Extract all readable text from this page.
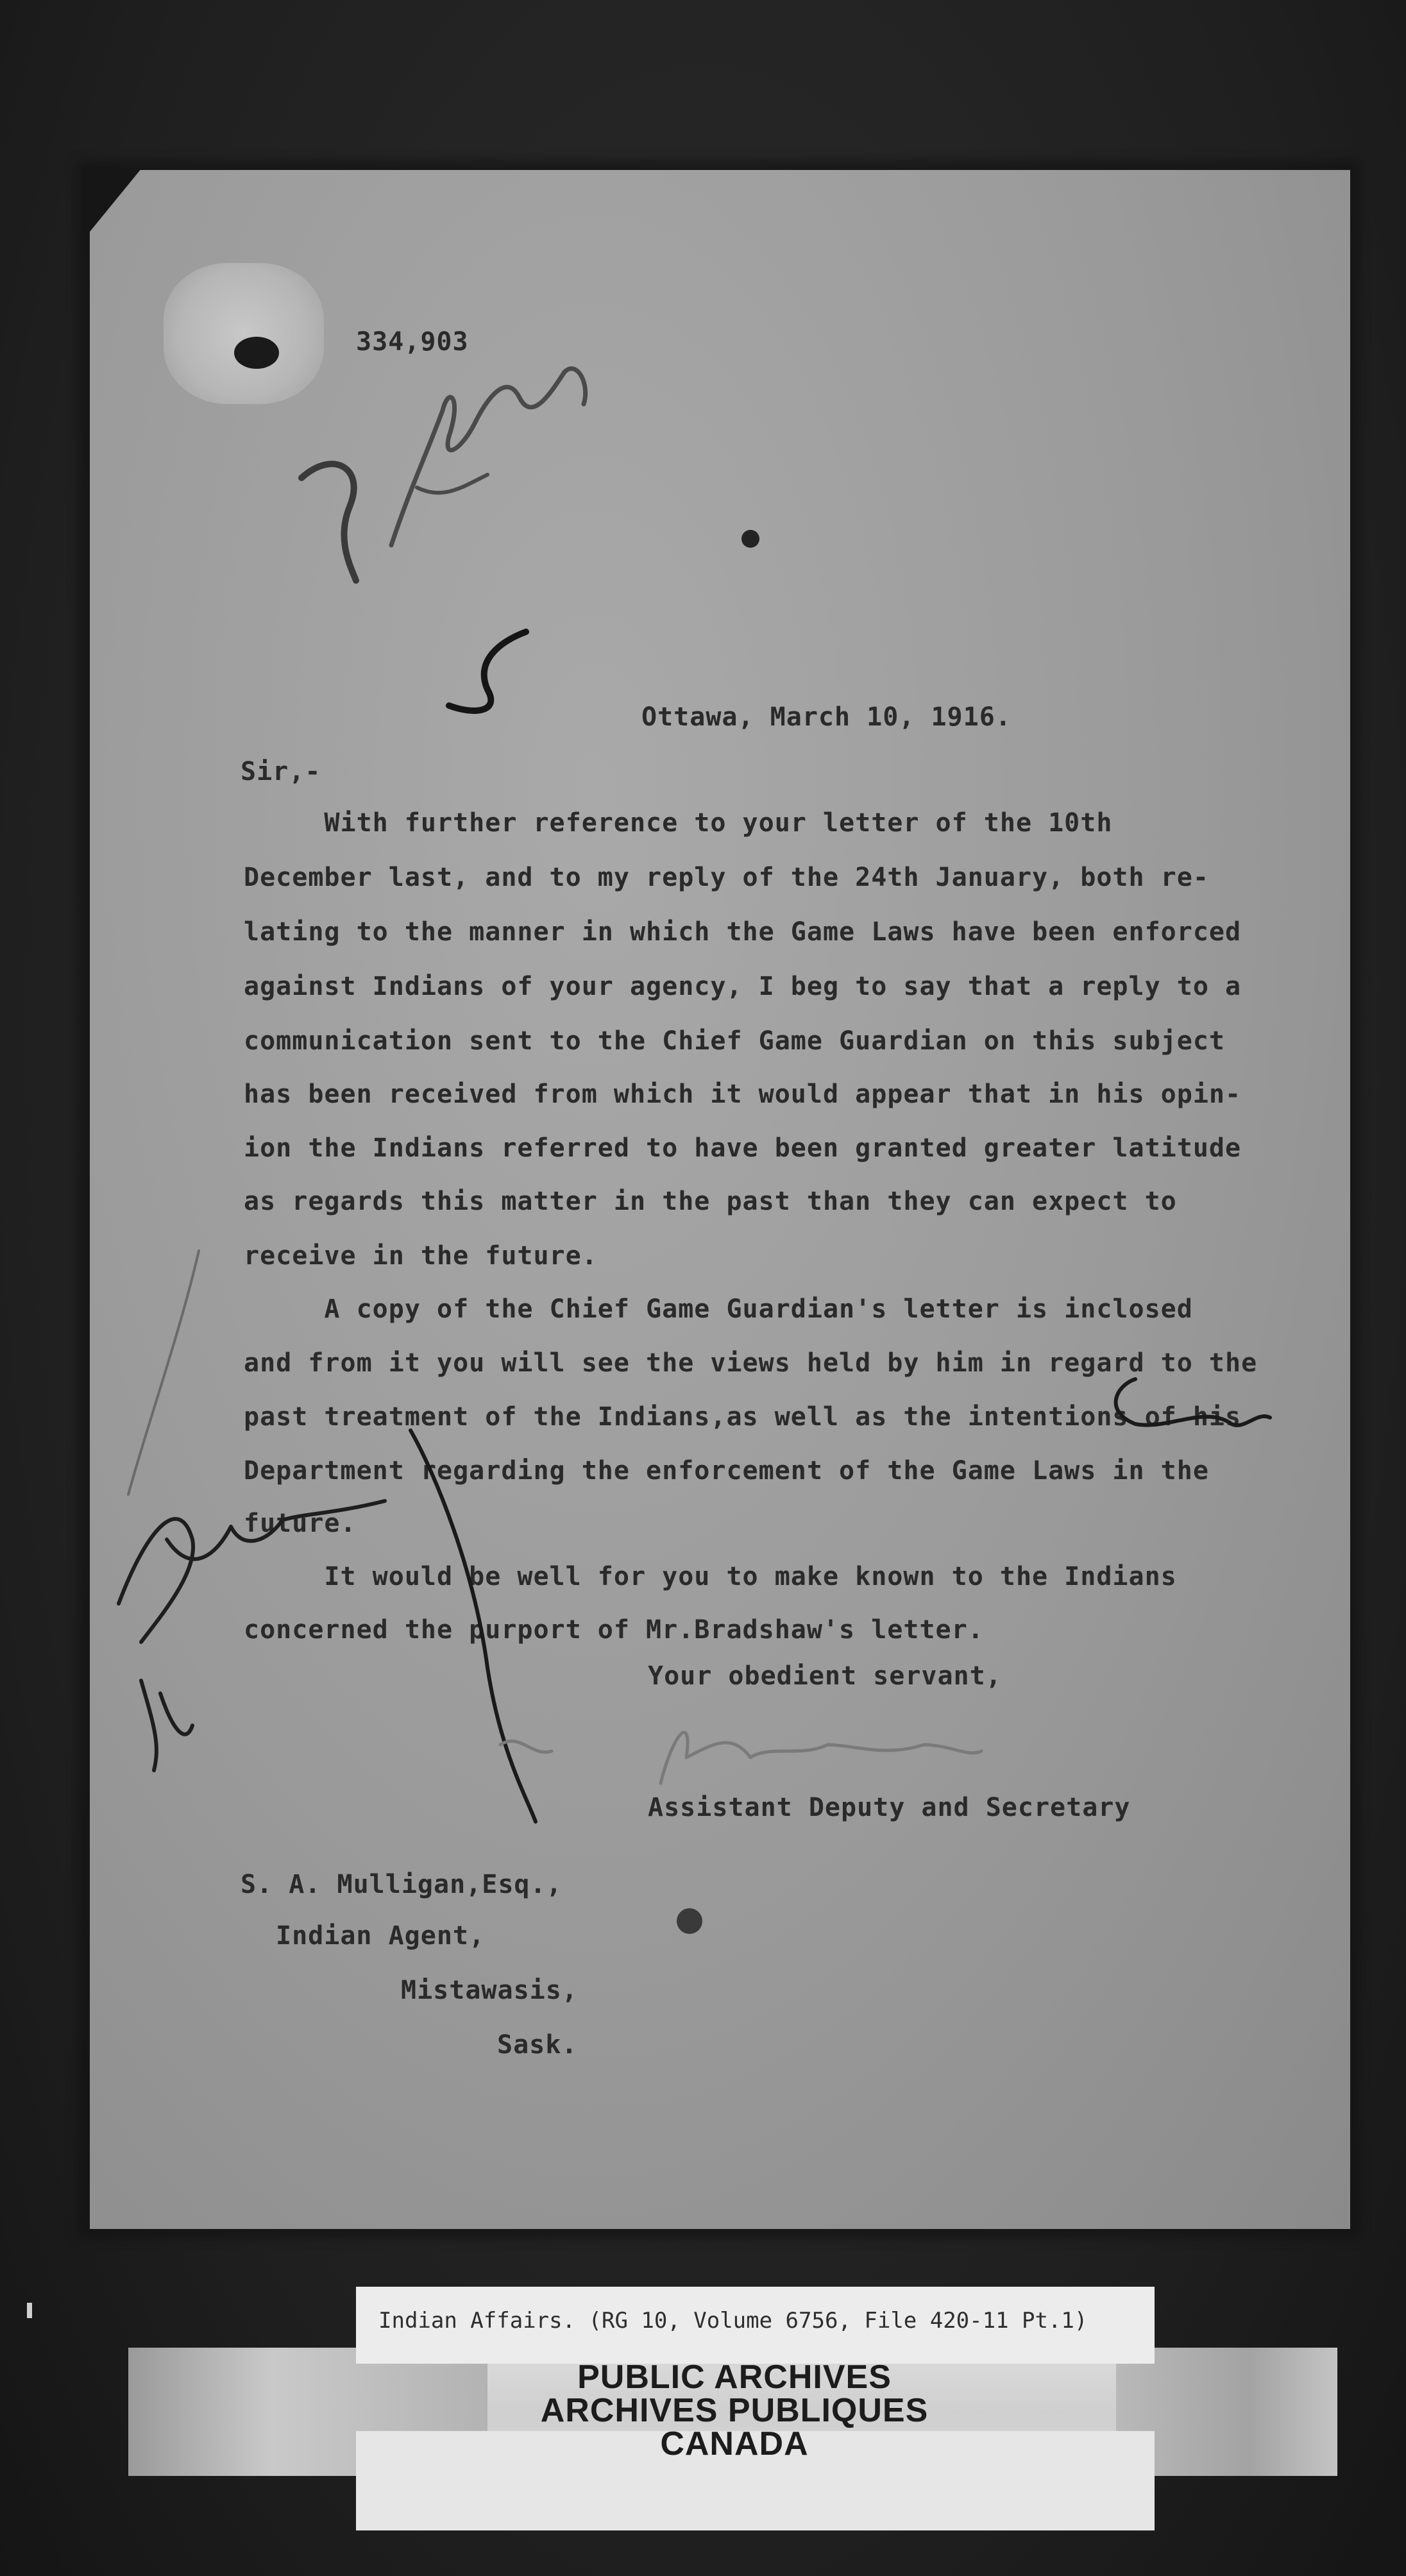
334,903

Ottawa, March 10, 1916.

Sir,-

With further reference to your letter of the 10th

December last, and to my reply of the 24th January, both re-

lating to the manner in which the Game Laws have been enforced

against Indians of your agency, I beg to say that a reply to a

communication sent to the Chief Game Guardian on this subject

has been received from which it would appear that in his opin-

ion the Indians referred to have been granted greater latitude

as regards this matter in the past than they can expect to

receive in the future.

A copy of the Chief Game Guardian's letter is inclosed

and from it you will see the views held by him in regard to the

past treatment of the Indians,as well as the intentions of his

Department regarding the enforcement of the Game Laws in the

future.

It would be well for you to make known to the Indians

concerned the purport of Mr.Bradshaw's letter.

Your obedient servant,

Assistant Deputy and Secretary

S. A. Mulligan,Esq.,

Indian Agent,

Mistawasis,

Sask.

Indian Affairs. (RG 10, Volume 6756, File 420-11 Pt.1)
PUBLIC ARCHIVES
ARCHIVES PUBLIQUES
CANADA
